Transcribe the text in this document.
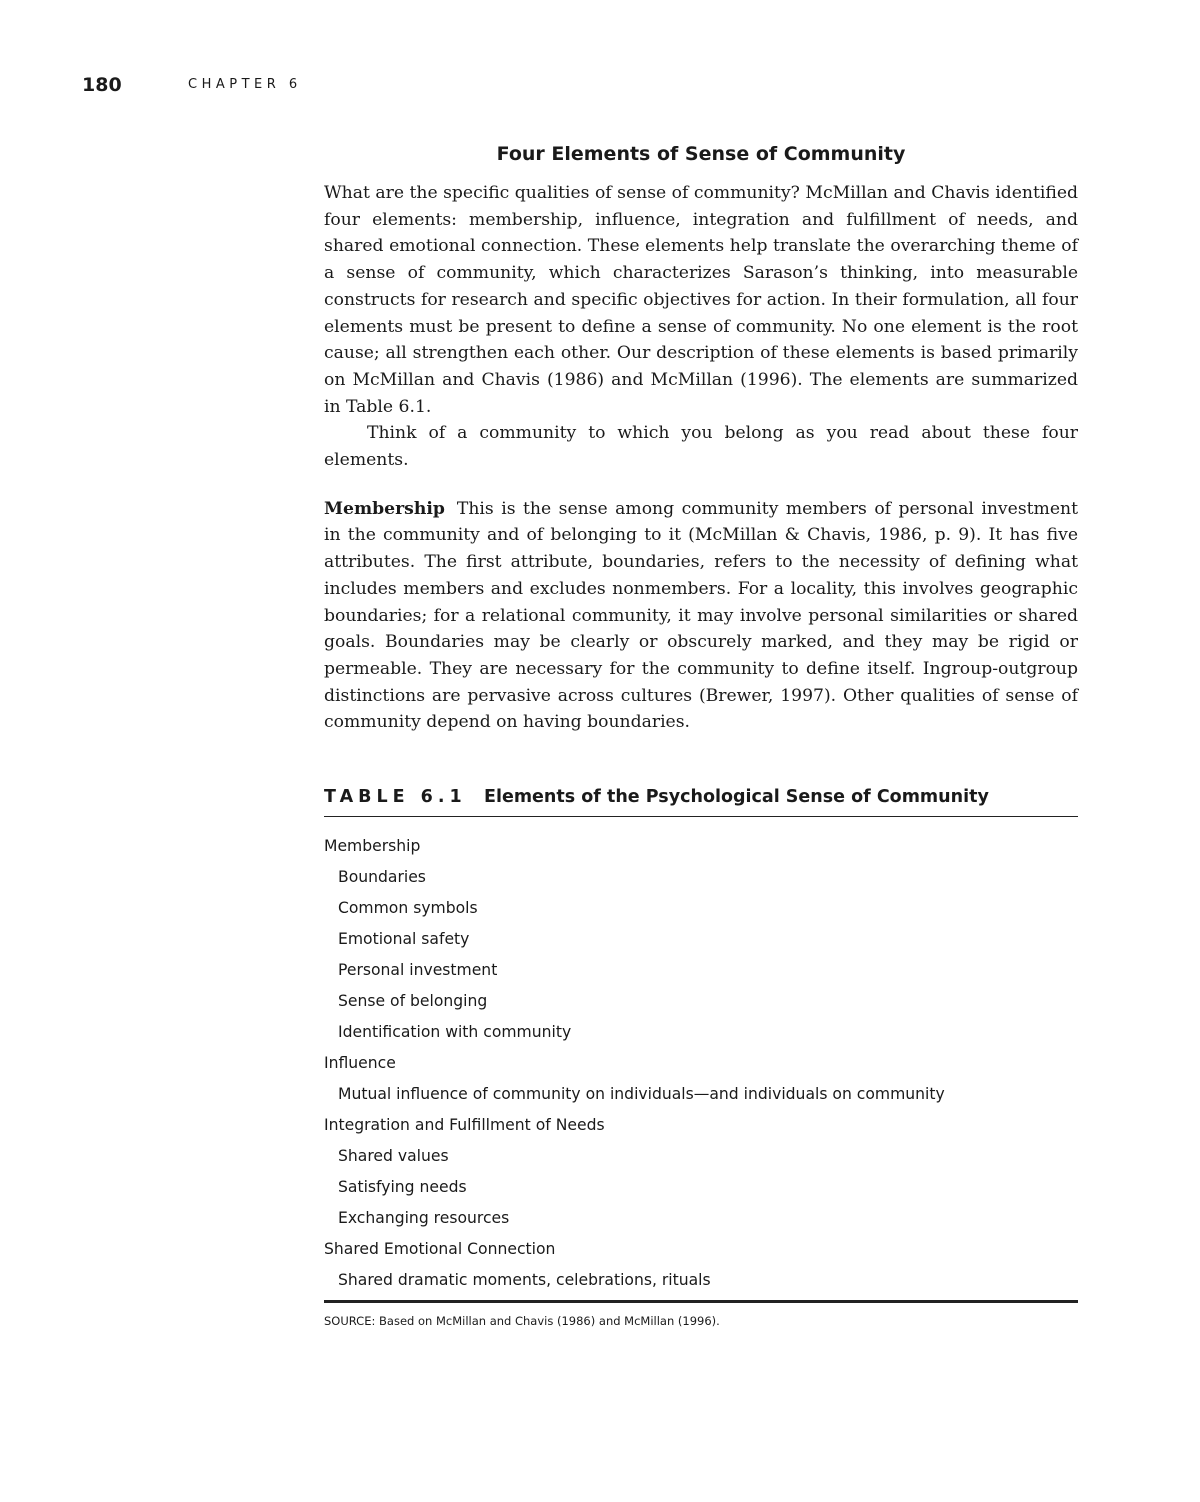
180	CHAPTER 6
Four Elements of Sense of Community

What are the specific qualities of sense of community? McMillan and Chavis identified four elements: membership, influence, integration and fulfillment of needs, and shared emotional connection. These elements help translate the overarching theme of a sense of community, which characterizes Sarason’s thinking, into measurable constructs for research and specific objectives for action. In their formulation, all four elements must be present to define a sense of community. No one element is the root cause; all strengthen each other. Our description of these elements is based primarily on McMillan and Chavis (1986) and McMillan (1996). The elements are summarized in Table 6.1.

Think of a community to which you belong as you read about these four elements.

Membership This is the sense among community members of personal investment in the community and of belonging to it (McMillan & Chavis, 1986, p. 9). It has five attributes. The first attribute, boundaries, refers to the necessity of defining what includes members and excludes nonmembers. For a locality, this involves geographic boundaries; for a relational community, it may involve personal similarities or shared goals. Boundaries may be clearly or obscurely marked, and they may be rigid or permeable. They are necessary for the community to define itself. Ingroup-outgroup distinctions are pervasive across cultures (Brewer, 1997). Other qualities of sense of community depend on having boundaries.

TABLE 6.1 Elements of the Psychological Sense of Community
Membership
Boundaries
Common symbols
Emotional safety
Personal investment
Sense of belonging
Identification with community
Influence
Mutual influence of community on individuals—and individuals on community
Integration and Fulfillment of Needs
Shared values
Satisfying needs
Exchanging resources
Shared Emotional Connection
Shared dramatic moments, celebrations, rituals
SOURCE: Based on McMillan and Chavis (1986) and McMillan (1996).
